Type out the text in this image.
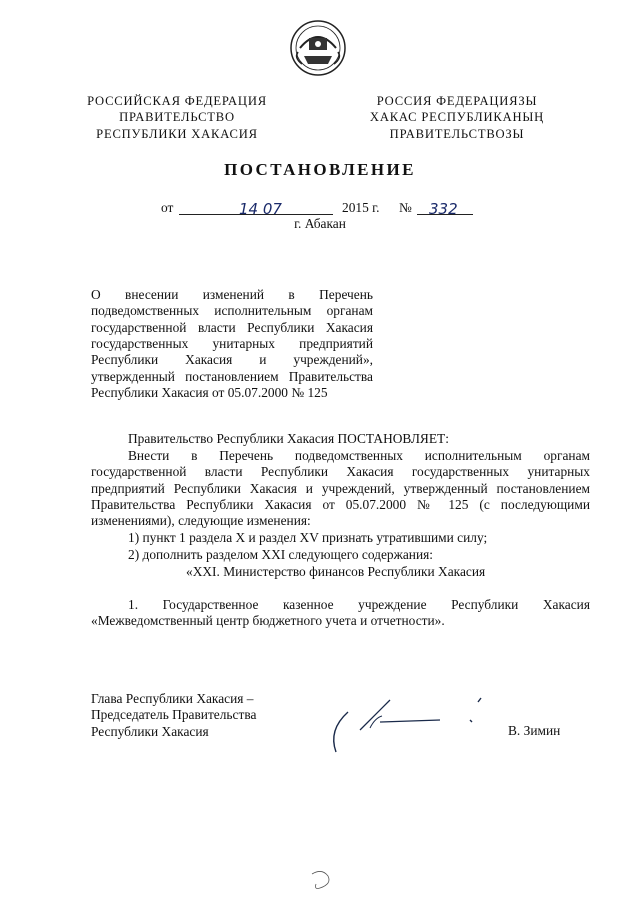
РОССИЙСКАЯ ФЕДЕРАЦИЯ
ПРАВИТЕЛЬСТВО
РЕСПУБЛИКИ ХАКАСИЯ
РОССИЯ ФЕДЕРАЦИЯЗЫ
ХАКАС РЕСПУБЛИКАНЫҢ
ПРАВИТЕЛЬСТВОЗЫ
ПОСТАНОВЛЕНИЕ
от	14 07	2015 г. № 332
г. Абакан
О внесении изменений в Перечень
подведомственных исполнительным органам
государственной власти Республики Хакасия
государственных унитарных предприятий
Республики Хакасия и учреждений»,
утвержденный постановлением Правительства
Республики Хакасия от 05.07.2000 № 125
Правительство Республики Хакасия ПОСТАНОВЛЯЕТ:
Внести в Перечень подведомственных исполнительным органам государственной власти Республики Хакасия государственных унитарных предприятий Республики Хакасия и учреждений, утвержденный постановлением Правительства Республики Хакасия от 05.07.2000 № 125 (с последующими изменениями), следующие изменения:
1) пункт 1 раздела X и раздел XV признать утратившими силу;
2) дополнить разделом XXI следующего содержания:
«XXI. Министерство финансов Республики Хакасия
1. Государственное казенное учреждение Республики Хакасия «Межведомственный центр бюджетного учета и отчетности».
Глава Республики Хакасия –
Председатель Правительства
Республики Хакасия	В. Зимин
